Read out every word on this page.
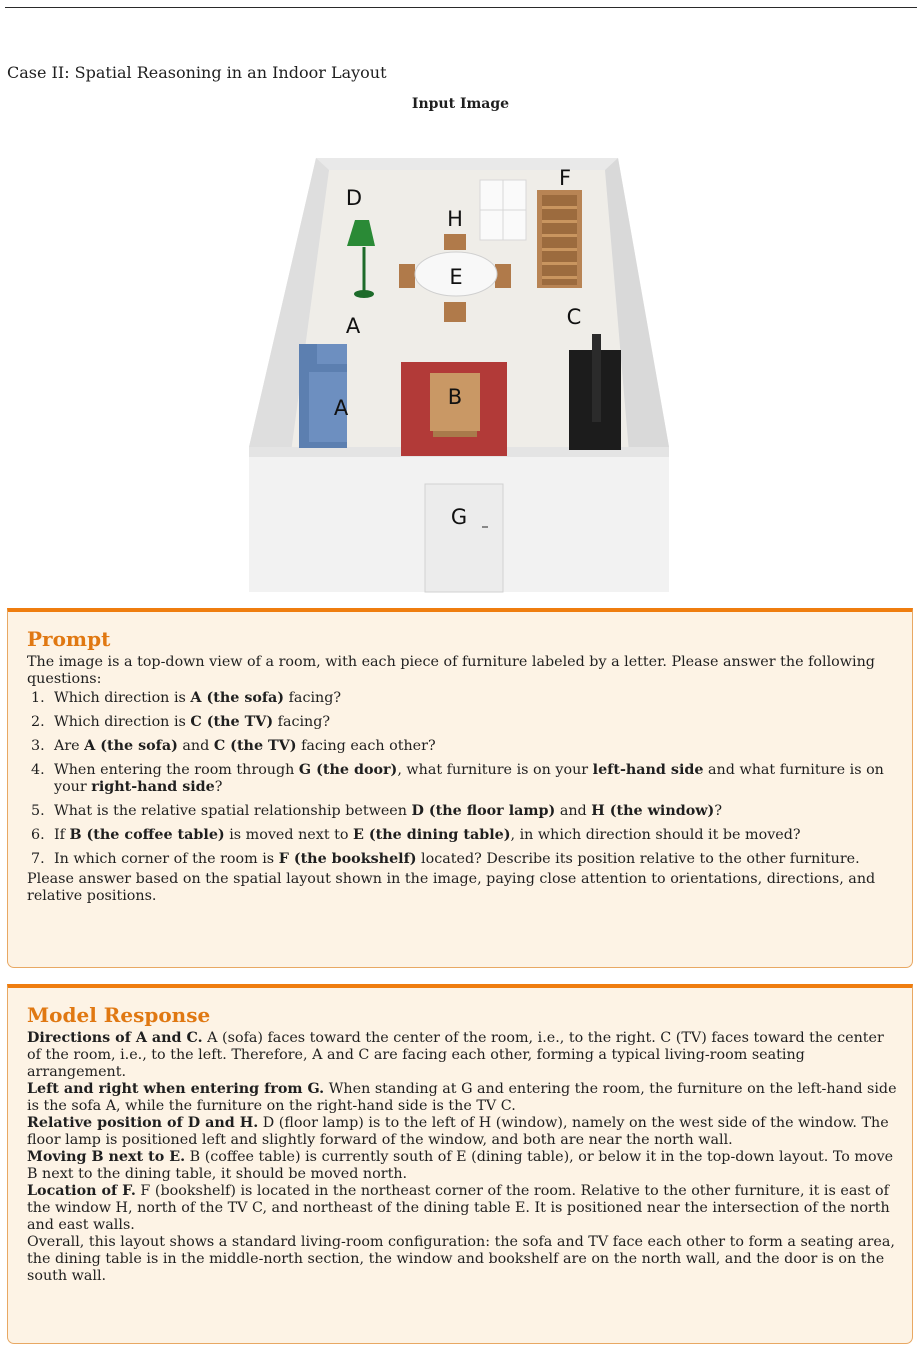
Case II: Spatial Reasoning in an Indoor Layout
Input Image
D
F
H
E
A	C
A	B
G
Prompt

The image is a top-down view of a room, with each piece of furniture labeled by a letter. Please answer the following questions:

1. Which direction is A (the sofa) facing?
2. Which direction is C (the TV) facing?
3. Are A (the sofa) and C (the TV) facing each other?
4. When entering the room through G (the door), what furniture is on your left-hand side and what furniture is on your right-hand side?
5. What is the relative spatial relationship between D (the floor lamp) and H (the window)?
6. If B (the coffee table) is moved next to E (the dining table), in which direction should it be moved?
7. In which corner of the room is F (the bookshelf) located? Describe its position relative to the other furniture.

Please answer based on the spatial layout shown in the image, paying close attention to orientations, directions, and relative positions.

Model Response

Directions of A and C. A (sofa) faces toward the center of the room, i.e., to the right. C (TV) faces toward the center of the room, i.e., to the left. Therefore, A and C are facing each other, forming a typical living-room seating arrangement.

Left and right when entering from G. When standing at G and entering the room, the furniture on the left-hand side is the sofa A, while the furniture on the right-hand side is the TV C.

Relative position of D and H. D (floor lamp) is to the left of H (window), namely on the west side of the window. The floor lamp is positioned left and slightly forward of the window, and both are near the north wall.

Moving B next to E. B (coffee table) is currently south of E (dining table), or below it in the top-down layout. To move B next to the dining table, it should be moved north.

Location of F. F (bookshelf) is located in the northeast corner of the room. Relative to the other furniture, it is east of the window H, north of the TV C, and northeast of the dining table E. It is positioned near the intersection of the north and east walls.

Overall, this layout shows a standard living-room configuration: the sofa and TV face each other to form a seating area, the dining table is in the middle-north section, the window and bookshelf are on the north wall, and the door is on the south wall.
